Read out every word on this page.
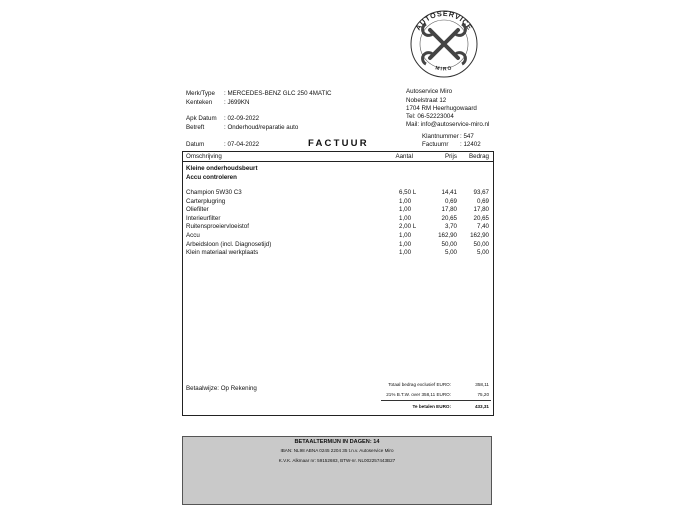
AUTOSERVICE
MIRO
Merk/Type : MERCEDES-BENZ GLC 250 4MATIC
Kenteken : J699KN
Apk Datum : 02-09-2022
Betreft	: Onderhoud/reparatie auto
Datum	: 07-04-2022
Autoservice Miro
Nobelstraat 12
1704 RM Heerhugowaard
Tel: 06-52223004
Mail: info@autoservice-miro.nl
Klantnummer : 547
Factuurnr : 12402
FACTUUR
Omschrijving	Aantal	Prijs	Bedrag
Kleine onderhoudsbeurt
Accu controleren
Champion 5W30 C3	6,50 L	14,41	93,67
Carterplugring	1,00	0,69	0,69
Oliefilter	1,00	17,80	17,80
Interieurfilter	1,00	20,65	20,65
Ruitensproeiervloeistof	2,00 L	3,70	7,40
Accu	1,00	162,90	162,90
Arbeidsloon (incl. Diagnosetijd)	1,00	50,00	50,00
Klein materiaal werkplaats	1,00	5,00	5,00
Betaalwijze: Op Rekening
Totaal bedrag exclusief EURO:	358,11
21% B.T.W. over 358,11 EURO:	75,20
Te betalen EURO:	433,31
BETAALTERMIJN IN DAGEN: 14
IBAN: NL98 ABNA 0245 2204 35 t.n.v. Autoservice Miro
K.V.K. Alkmaar nr: 59152683, BTW-nr. NL002257443B27
